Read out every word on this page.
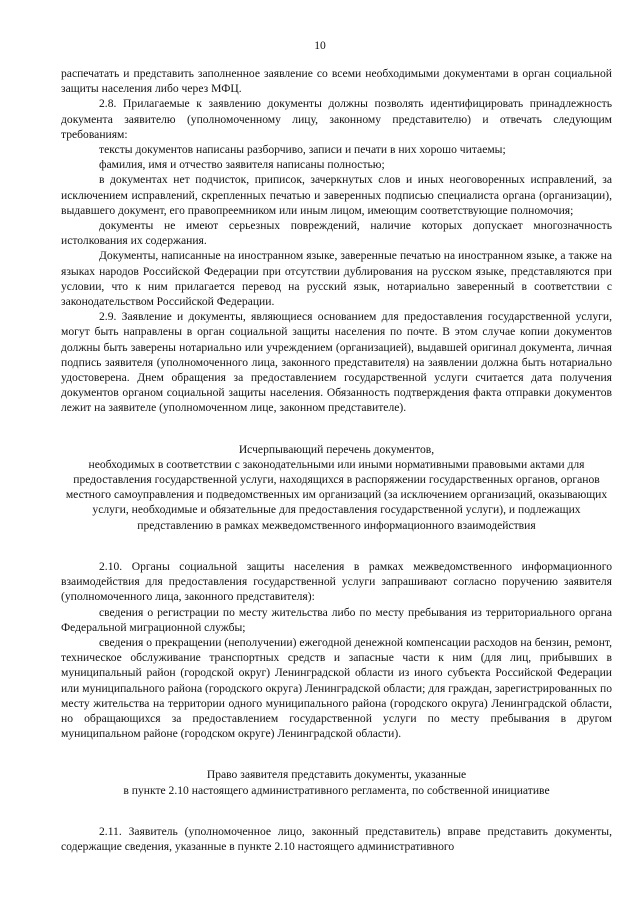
10

распечатать и представить заполненное заявление со всеми необходимыми документами в орган социальной защиты населения либо через МФЦ.

2.8. Прилагаемые к заявлению документы должны позволять идентифицировать принадлежность документа заявителю (уполномоченному лицу, законному представителю) и отвечать следующим требованиям:

тексты документов написаны разборчиво, записи и печати в них хорошо читаемы;

фамилия, имя и отчество заявителя написаны полностью;

в документах нет подчисток, приписок, зачеркнутых слов и иных неоговоренных исправлений, за исключением исправлений, скрепленных печатью и заверенных подписью специалиста органа (организации), выдавшего документ, его правопреемником или иным лицом, имеющим соответствующие полномочия;

документы не имеют серьезных повреждений, наличие которых допускает многозначность истолкования их содержания.

Документы, написанные на иностранном языке, заверенные печатью на иностранном языке, а также на языках народов Российской Федерации при отсутствии дублирования на русском языке, представляются при условии, что к ним прилагается перевод на русский язык, нотариально заверенный в соответствии с законодательством Российской Федерации.

2.9. Заявление и документы, являющиеся основанием для предоставления государственной услуги, могут быть направлены в орган социальной защиты населения по почте. В этом случае копии документов должны быть заверены нотариально или учреждением (организацией), выдавшей оригинал документа, личная подпись заявителя (уполномоченного лица, законного представителя) на заявлении должна быть нотариально удостоверена. Днем обращения за предоставлением государственной услуги считается дата получения документов органом социальной защиты населения. Обязанность подтверждения факта отправки документов лежит на заявителе (уполномоченном лице, законном представителе).

Исчерпывающий перечень документов,

необходимых в соответствии с законодательными или иными нормативными правовыми актами для предоставления государственной услуги, находящихся в распоряжении государственных органов, органов местного самоуправления и подведомственных им организаций (за исключением организаций, оказывающих услуги, необходимые и обязательные для предоставления государственной услуги), и подлежащих представлению в рамках межведомственного информационного взаимодействия

2.10. Органы социальной защиты населения в рамках межведомственного информационного взаимодействия для предоставления государственной услуги запрашивают согласно поручению заявителя (уполномоченного лица, законного представителя):

сведения о регистрации по месту жительства либо по месту пребывания из территориального органа Федеральной миграционной службы;

сведения о прекращении (неполучении) ежегодной денежной компенсации расходов на бензин, ремонт, техническое обслуживание транспортных средств и запасные части к ним (для лиц, прибывших в муниципальный район (городской округ) Ленинградской области из иного субъекта Российской Федерации или муниципального района (городского округа) Ленинградской области; для граждан, зарегистрированных по месту жительства на территории одного муниципального района (городского округа) Ленинградской области, но обращающихся за предоставлением государственной услуги по месту пребывания в другом муниципальном районе (городском округе) Ленинградской области).

Право заявителя представить документы, указанные

в пункте 2.10 настоящего административного регламента, по собственной инициативе

2.11. Заявитель (уполномоченное лицо, законный представитель) вправе представить документы, содержащие сведения, указанные в пункте 2.10 настоящего административного
